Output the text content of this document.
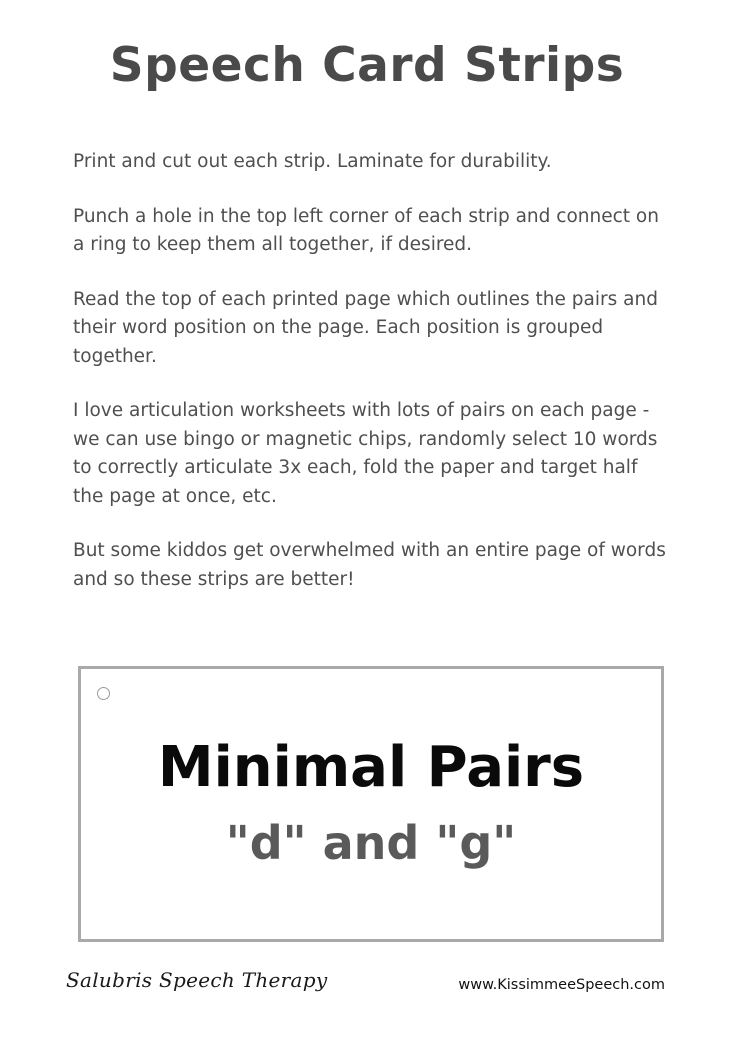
Speech Card Strips

Print and cut out each strip. Laminate for durability.

Punch a hole in the top left corner of each strip and connect on a ring to keep them all together, if desired.

Read the top of each printed page which outlines the pairs and their word position on the page. Each position is grouped together.

I love articulation worksheets with lots of pairs on each page - we can use bingo or magnetic chips, randomly select 10 words to correctly articulate 3x each, fold the paper and target half the page at once, etc.

But some kiddos get overwhelmed with an entire page of words and so these strips are better!

Minimal Pairs
"d" and "g"
Salubris Speech Therapy	www.KissimmeeSpeech.com
